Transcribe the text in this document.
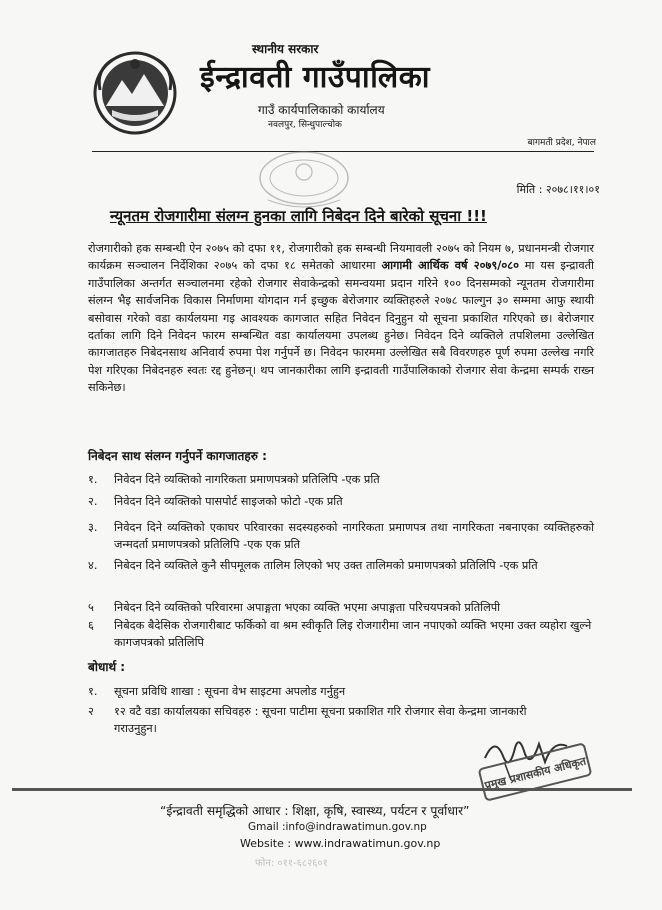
स्थानीय सरकार
ईन्द्रावती गाउँपालिका
गाउँ कार्यपालिकाको कार्यालय
नवलपुर, सिन्धुपाल्चोक
बागमती प्रदेश, नेपाल
मिति : २०७८।११।०१
न्यूनतम रोजगारीमा संलग्न हुनका लागि निबेदन दिने बारेको सूचना !!!
रोजगारीको हक सम्बन्धी ऐन २०७५ को दफा ११, रोजगारीको हक सम्बन्धी नियमावली २०७५ को नियम ७, प्रधानमन्त्री रोजगार कार्यक्रम सञ्चालन निर्देशिका २०७५ को दफा १८ समेतको आधारमा आगामी आर्थिक वर्ष २०७९/०८० मा यस इन्द्रावती गाउँपालिका अन्तर्गत सञ्चालनमा रहेको रोजगार सेवाकेन्द्रको समन्वयमा प्रदान गरिने १०० दिनसम्मको न्यूनतम रोजगारीमा संलग्न भैइ सार्वजनिक विकास निर्माणमा योगदान गर्न इच्छुक बेरोजगार व्यक्तिहरुले २०७८ फाल्गुन ३० सम्ममा आफु स्थायी बसोवास गरेको वडा कार्यलयमा गइ आवश्यक कागजात सहित निवेदन दिनुहुन यो सूचना प्रकाशित गरिएको छ। बेरोजगार दर्ताका लागि दिने निवेदन फारम सम्बन्धित वडा कार्यालयमा उपलब्ध हुनेछ। निवेदन दिने व्यक्तिले तपशिलमा उल्लेखित कागजातहरु निबेदनसाथ अनिवार्य रुपमा पेश गर्नुपर्ने छ। निवेदन फारममा उल्लेखित सबै विवरणहरु पूर्ण रुपमा उल्लेख नगरि पेश गरिएका निबेदनहरु स्वतः रद्द हुनेछन्। थप जानकारीका लागि इन्द्रावती गाउँपालिकाको रोजगार सेवा केन्द्रमा सम्पर्क राख्न सकिनेछ।
निबेदन साथ संलग्न गर्नुपर्ने कागजातहरु :
१.	निवेदन दिने व्यक्तिको नागरिकता प्रमाणपत्रको प्रतिलिपि -एक प्रति
२.	निवेदन दिने व्यक्तिको पासपोर्ट साइजको फोटो -एक प्रति
३.	निवेदन दिने व्यक्तिको एकाघर परिवारका सदस्यहरुको नागरिकता प्रमाणपत्र तथा नागरिकता नबनाएका व्यक्तिहरुको जन्मदर्ता प्रमाणपत्रको प्रतिलिपि -एक एक प्रति
४.	निबेदन दिने व्यक्तिले कुनै सीपमूलक तालिम लिएको भए उक्त तालिमको प्रमाणपत्रको प्रतिलिपि -एक प्रति
५	निबेदन दिने व्यक्तिको परिवारमा अपाङ्गता भएका व्यक्ति भएमा अपाङ्गता परिचयपत्रको प्रतिलिपी
६	निबेदक बैदेसिक रोजगारीबाट फर्किको वा श्रम स्वीकृति लिइ रोजगारीमा जान नपाएको व्यक्ति भएमा उक्त व्यहोरा खुल्ने कागजपत्रको प्रतिलिपि
बोधार्थ :
१.	सूचना प्रविधि शाखा : सूचना वेभ साइटमा अपलोड गर्नुहुन
२	१२ वटै वडा कार्यालयका सचिवहरु : सूचना पाटीमा सूचना प्रकाशित गरि रोजगार सेवा केन्द्रमा जानकारी गराउनुहुन।
प्रमुख प्रशासकीय अधिकृत
“ईन्द्रावती समृद्धिको आधार : शिक्षा, कृषि, स्वास्थ्य, पर्यटन र पूर्वाधार”
Gmail :info@indrawatimun.gov.np
Website : www.indrawatimun.gov.np
फोन: ०११-६८२६०१
